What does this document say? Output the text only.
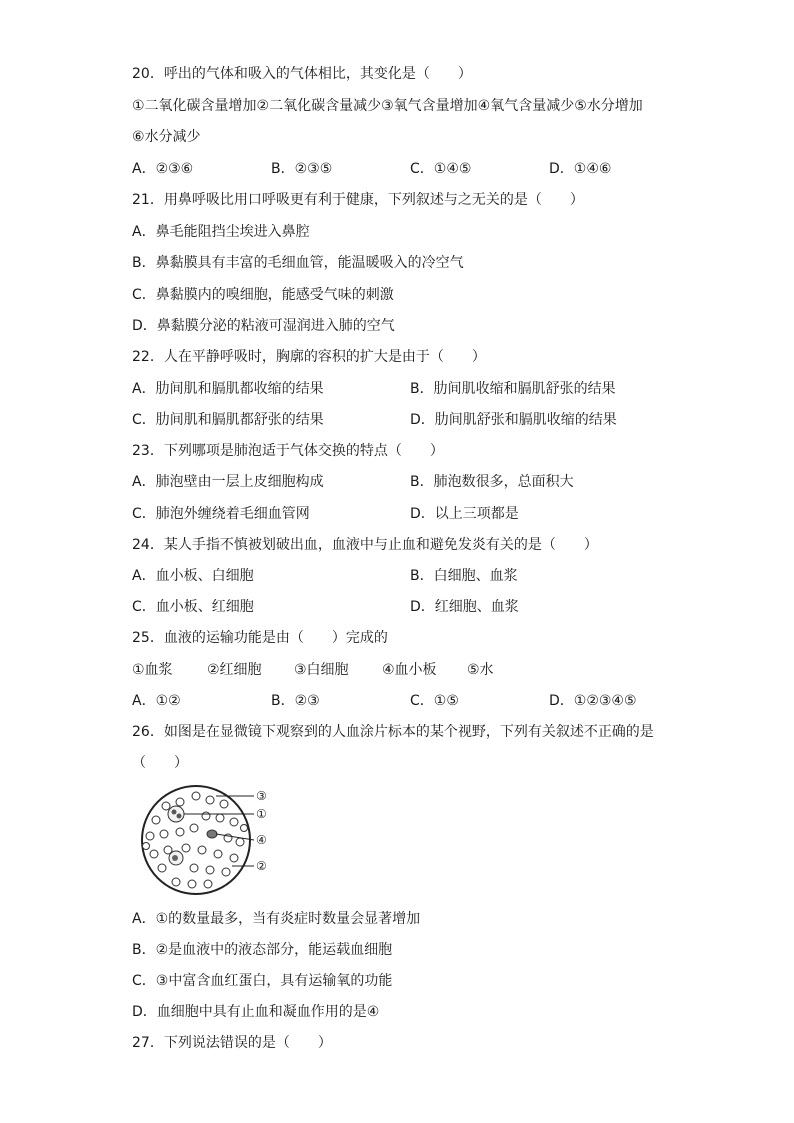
20．呼出的气体和吸入的气体相比，其变化是（　　）
①二氧化碳含量增加②二氧化碳含量减少③氧气含量增加④氧气含量减少⑤水分增加
⑥水分减少
A．②③⑥	B．②③⑤	C．①④⑤	D．①④⑥
21．用鼻呼吸比用口呼吸更有利于健康，下列叙述与之无关的是（　　）
A．鼻毛能阻挡尘埃进入鼻腔
B．鼻黏膜具有丰富的毛细血管，能温暖吸入的冷空气
C．鼻黏膜内的嗅细胞，能感受气味的刺激
D．鼻黏膜分泌的粘液可湿润进入肺的空气
22．人在平静呼吸时，胸廓的容积的扩大是由于（　　）
A．肋间肌和膈肌都收缩的结果	B．肋间肌收缩和膈肌舒张的结果
C．肋间肌和膈肌都舒张的结果	D．肋间肌舒张和膈肌收缩的结果
23．下列哪项是肺泡适于气体交换的特点（　　）
A．肺泡壁由一层上皮细胞构成	B．肺泡数很多，总面积大
C．肺泡外缠绕着毛细血管网	D．以上三项都是
24．某人手指不慎被划破出血，血液中与止血和避免发炎有关的是（　　）
A．血小板、白细胞	B．白细胞、血浆
C．血小板、红细胞	D．红细胞、血浆
25．血液的运输功能是由（　　）完成的
①血浆 ②红细胞 ③白细胞 ④血小板 ⑤水
A．①②	B．②③	C．①⑤	D．①②③④⑤
26．如图是在显微镜下观察到的人血涂片标本的某个视野，下列有关叙述不正确的是
（　　）
③
①
④
②
A．①的数量最多，当有炎症时数量会显著增加
B．②是血液中的液态部分，能运载血细胞
C．③中富含血红蛋白，具有运输氧的功能
D．血细胞中具有止血和凝血作用的是④
27．下列说法错误的是（　　）
